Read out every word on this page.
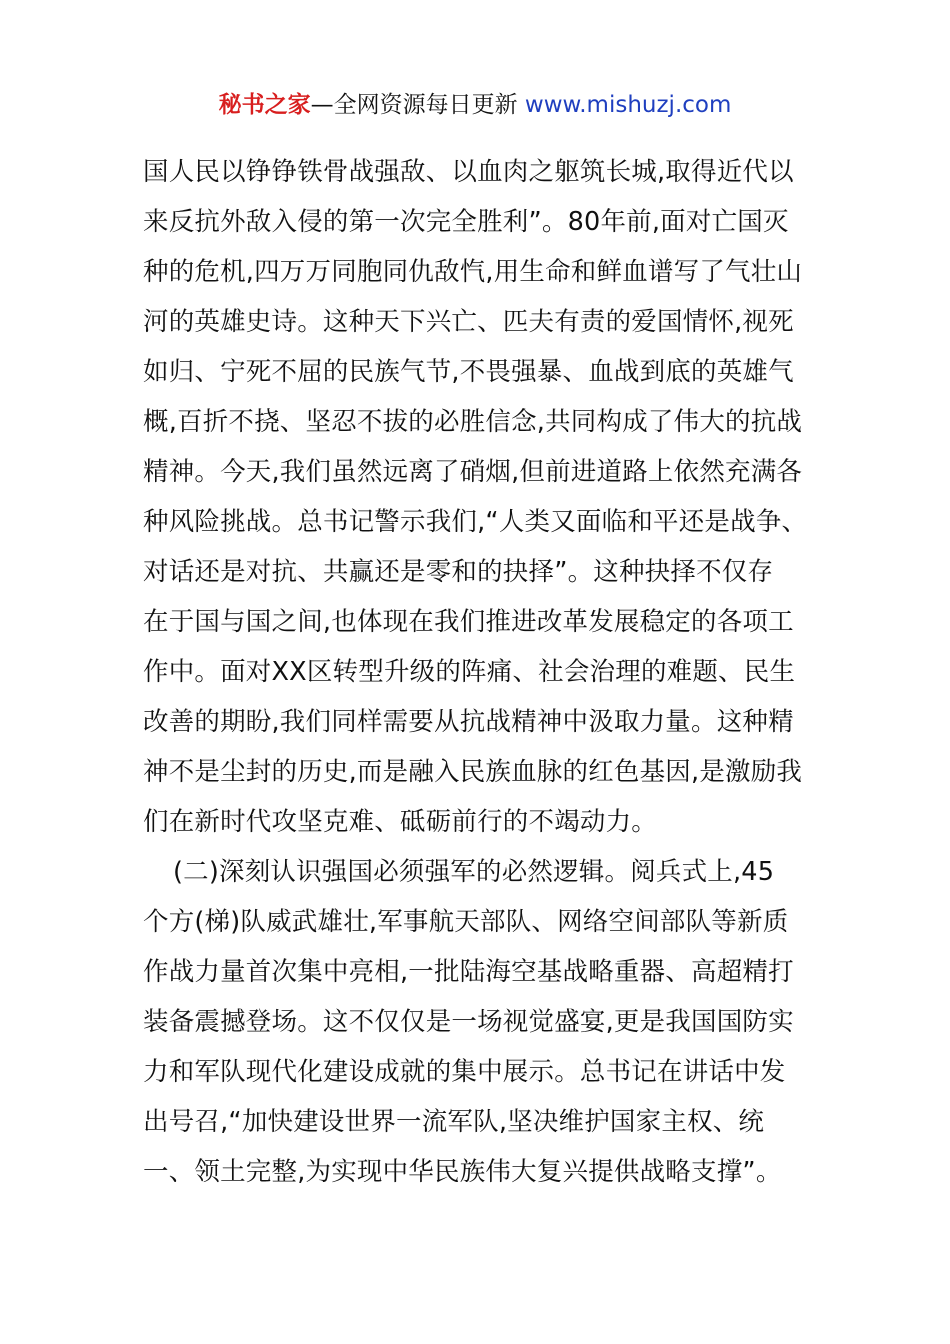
秘书之家—全网资源每日更新 www.mishuzj.com
国人民以铮铮铁骨战强敌、以血肉之躯筑长城,取得近代以
来反抗外敌入侵的第一次完全胜利”。80年前,面对亡国灭
种的危机,四万万同胞同仇敌忾,用生命和鲜血谱写了气壮山
河的英雄史诗。这种天下兴亡、匹夫有责的爱国情怀,视死
如归、宁死不屈的民族气节,不畏强暴、血战到底的英雄气
概,百折不挠、坚忍不拔的必胜信念,共同构成了伟大的抗战
精神。今天,我们虽然远离了硝烟,但前进道路上依然充满各
种风险挑战。总书记警示我们,“人类又面临和平还是战争、
对话还是对抗、共赢还是零和的抉择”。这种抉择不仅存
在于国与国之间,也体现在我们推进改革发展稳定的各项工
作中。面对XX区转型升级的阵痛、社会治理的难题、民生
改善的期盼,我们同样需要从抗战精神中汲取力量。这种精
神不是尘封的历史,而是融入民族血脉的红色基因,是激励我
们在新时代攻坚克难、砥砺前行的不竭动力。
(二)深刻认识强国必须强军的必然逻辑。阅兵式上,45
个方(梯)队威武雄壮,军事航天部队、网络空间部队等新质
作战力量首次集中亮相,一批陆海空基战略重器、高超精打
装备震撼登场。这不仅仅是一场视觉盛宴,更是我国国防实
力和军队现代化建设成就的集中展示。总书记在讲话中发
出号召,“加快建设世界一流军队,坚决维护国家主权、统
一、领土完整,为实现中华民族伟大复兴提供战略支撑”。
